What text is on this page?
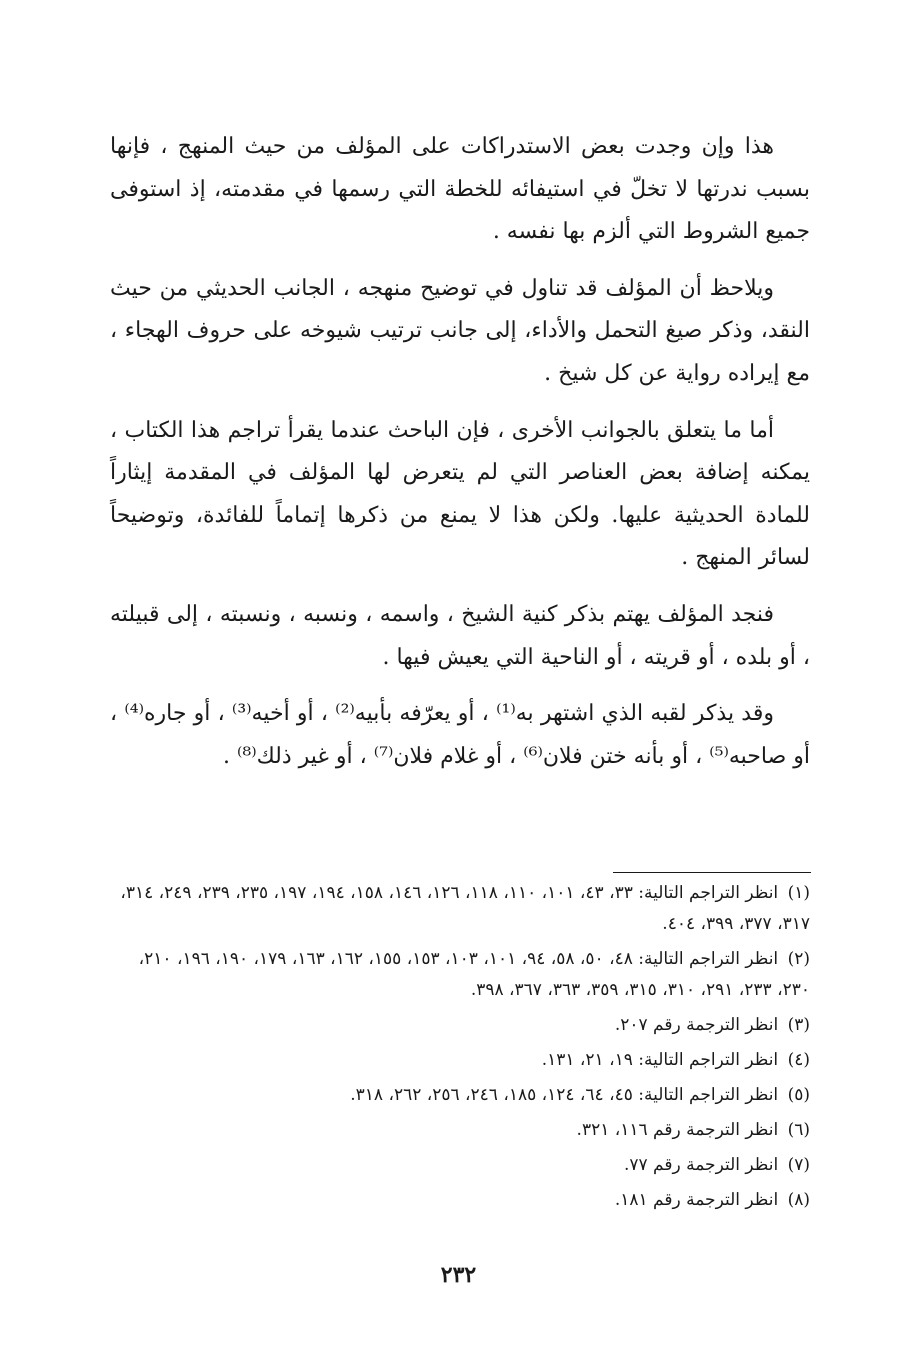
هذا وإن وجدت بعض الاستدراكات على المؤلف من حيث المنهج ، فإنها بسبب ندرتها لا تخلّ في استيفائه للخطة التي رسمها في مقدمته، إذ استوفى جميع الشروط التي ألزم بها نفسه .

ويلاحظ أن المؤلف قد تناول في توضيح منهجه ، الجانب الحديثي من حيث النقد، وذكر صيغ التحمل والأداء، إلى جانب ترتيب شيوخه على حروف الهجاء ، مع إيراده رواية عن كل شيخ .

أما ما يتعلق بالجوانب الأخرى ، فإن الباحث عندما يقرأ تراجم هذا الكتاب ، يمكنه إضافة بعض العناصر التي لم يتعرض لها المؤلف في المقدمة إيثاراً للمادة الحديثية عليها. ولكن هذا لا يمنع من ذكرها إتماماً للفائدة، وتوضيحاً لسائر المنهج .

فنجد المؤلف يهتم بذكر كنية الشيخ ، واسمه ، ونسبه ، ونسبته ، إلى قبيلته ، أو بلده ، أو قريته ، أو الناحية التي يعيش فيها .

وقد يذكر لقبه الذي اشتهر به⁽¹⁾ ، أو يعرّفه بأبيه⁽²⁾ ، أو أخيه⁽³⁾ ، أو جاره⁽⁴⁾ ، أو صاحبه⁽⁵⁾ ، أو بأنه ختن فلان⁽⁶⁾ ، أو غلام فلان⁽⁷⁾ ، أو غير ذلك⁽⁸⁾ .

(١) انظر التراجم التالية: ٣٣، ٤٣، ١٠١، ١١٠، ١١٨، ١٢٦، ١٤٦، ١٥٨، ١٩٤، ١٩٧، ٢٣٥، ٢٣٩، ٢٤٩، ٣١٤، ٣١٧، ٣٧٧، ٣٩٩، ٤٠٤.
(٢) انظر التراجم التالية: ٤٨، ٥٠، ٥٨، ٩٤، ١٠١، ١٠٣، ١٥٣، ١٥٥، ١٦٢، ١٦٣، ١٧٩، ١٩٠، ١٩٦، ٢١٠، ٢٣٠، ٢٣٣، ٢٩١، ٣١٠، ٣١٥، ٣٥٩، ٣٦٣، ٣٦٧، ٣٩٨.
(٣) انظر الترجمة رقم ٢٠٧.
(٤) انظر التراجم التالية: ١٩، ٢١، ١٣١.
(٥) انظر التراجم التالية: ٤٥، ٦٤، ١٢٤، ١٨٥، ٢٤٦، ٢٥٦، ٢٦٢، ٣١٨.
(٦) انظر الترجمة رقم ١١٦، ٣٢١.
(٧) انظر الترجمة رقم ٧٧.
(٨) انظر الترجمة رقم ١٨١.
٢٣٢
